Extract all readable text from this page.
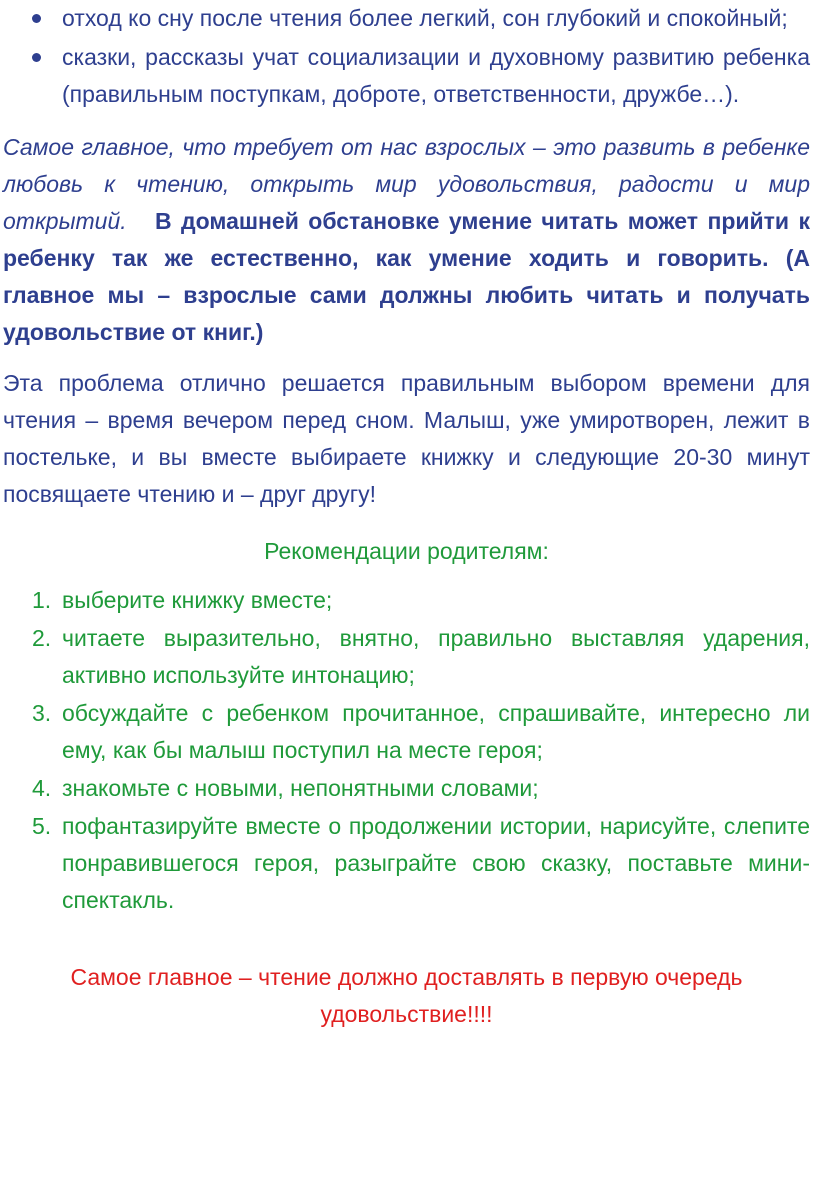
отход ко сну после чтения более легкий, сон глубокий и спокойный;
сказки, рассказы учат социализации и духовному развитию ребенка (правильным поступкам, доброте, ответственности, дружбе…).

Самое главное, что требует от нас взрослых – это развить в ребенке любовь к чтению, открыть мир удовольствия, радости и мир открытий. В домашней обстановке умение читать может прийти к ребенку так же естественно, как умение ходить и говорить. (А главное мы – взрослые сами должны любить читать и получать удовольствие от книг.)

Эта проблема отлично решается правильным выбором времени для чтения – время вечером перед сном. Малыш, уже умиротворен, лежит в постельке, и вы вместе выбираете книжку и следующие 20-30 минут посвящаете чтению и – друг другу!

Рекомендации родителям:

1. выберите книжку вместе;
2. читаете выразительно, внятно, правильно выставляя ударения, активно используйте интонацию;
3. обсуждайте с ребенком прочитанное, спрашивайте, интересно ли ему, как бы малыш поступил на месте героя;
4. знакомьте с новыми, непонятными словами;
5. пофантазируйте вместе о продолжении истории, нарисуйте, слепите понравившегося героя, разыграйте свою сказку, поставьте мини-спектакль.

Самое главное – чтение должно доставлять в первую очередь удовольствие!!!!
